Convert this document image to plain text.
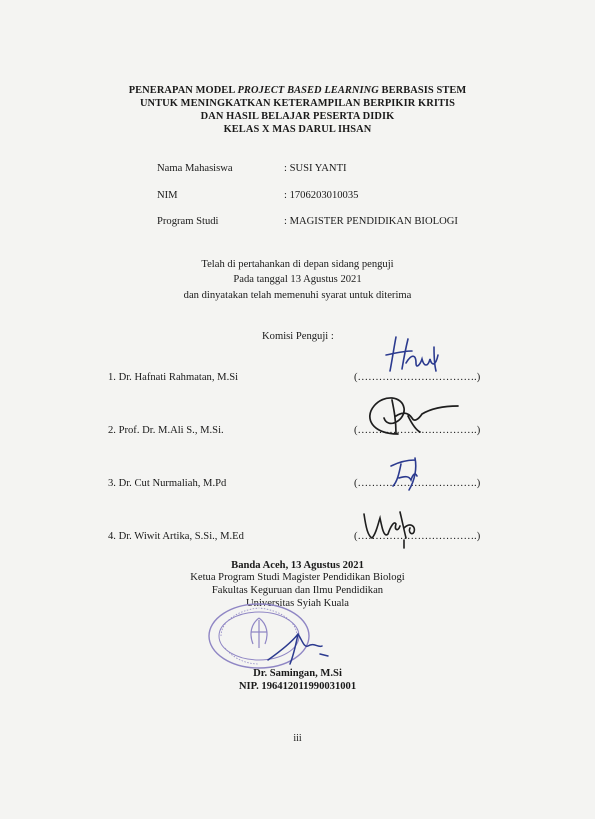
PENERAPAN MODEL PROJECT BASED LEARNING BERBASIS STEM
UNTUK MENINGKATKAN KETERAMPILAN BERPIKIR KRITIS
DAN HASIL BELAJAR PESERTA DIDIK
KELAS X MAS DARUL IHSAN
Nama Mahasiswa	: SUSI YANTI
NIM	: 1706203010035
Program Studi	: MAGISTER PENDIDIKAN BIOLOGI
Telah di pertahankan di depan sidang penguji
Pada tanggal 13 Agustus 2021
dan dinyatakan telah memenuhi syarat untuk diterima
Komisi Penguji :
1. Dr. Hafnati Rahmatan, M.Si	(…………………………….)
2. Prof. Dr. M.Ali S., M.Si.	(…………………………….)
3. Dr. Cut Nurmaliah, M.Pd	(…………………………….)
4. Dr. Wiwit Artika, S.Si., M.Ed	(…………………………….)
Banda Aceh, 13 Agustus 2021
Ketua Program Studi Magister Pendidikan Biologi
Fakultas Keguruan dan Ilmu Pendidikan
Universitas Syiah Kuala
Dr. Samingan, M.Si
NIP. 196412011990031001
iii
